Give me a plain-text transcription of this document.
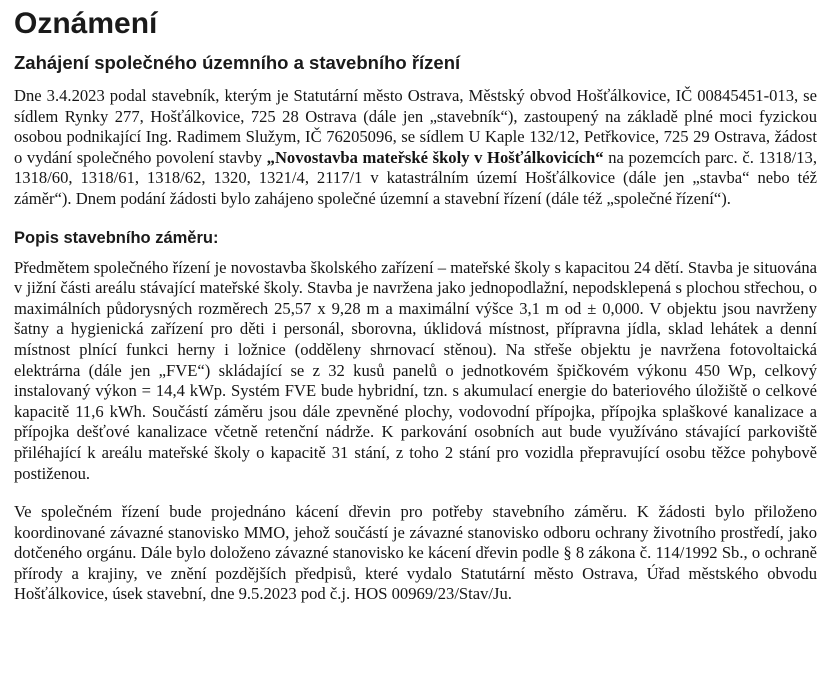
Oznámení
Zahájení společného územního a stavebního řízení

Dne 3.4.2023 podal stavebník, kterým je Statutární město Ostrava, Městský obvod Hošťálkovice, IČ 00845451-013, se sídlem Rynky 277, Hošťálkovice, 725 28 Ostrava (dále jen „stavebník“), zastoupený na základě plné moci fyzickou osobou podnikající Ing. Radimem Služym, IČ 76205096, se sídlem U Kaple 132/12, Petřkovice, 725 29 Ostrava, žádost o vydání společného povolení stavby „Novostavba mateřské školy v Hošťálkovicích“ na pozemcích parc. č. 1318/13, 1318/60, 1318/61, 1318/62, 1320, 1321/4, 2117/1 v katastrálním území Hošťálkovice (dále jen „stavba“ nebo též záměr“). Dnem podání žádosti bylo zahájeno společné územní a stavební řízení (dále též „společné řízení“).

Popis stavebního záměru:

Předmětem společného řízení je novostavba školského zařízení – mateřské školy s kapacitou 24 dětí. Stavba je situována v jižní části areálu stávající mateřské školy. Stavba je navržena jako jednopodlažní, nepodsklepená s plochou střechou, o maximálních půdorysných rozměrech 25,57 x 9,28 m a maximální výšce 3,1 m od ± 0,000. V objektu jsou navrženy šatny a hygienická zařízení pro děti i personál, sborovna, úklidová místnost, přípravna jídla, sklad lehátek a denní místnost plnící funkci herny i ložnice (odděleny shrnovací stěnou). Na střeše objektu je navržena fotovoltaická elektrárna (dále jen „FVE“) skládající se z 32 kusů panelů o jednotkovém špičkovém výkonu 450 Wp, celkový instalovaný výkon = 14,4 kWp. Systém FVE bude hybridní, tzn. s akumulací energie do bateriového úložiště o celkové kapacitě 11,6 kWh. Součástí záměru jsou dále zpevněné plochy, vodovodní přípojka, přípojka splaškové kanalizace a přípojka dešťové kanalizace včetně retenční nádrže. K parkování osobních aut bude využíváno stávající parkoviště přiléhající k areálu mateřské školy o kapacitě 31 stání, z toho 2 stání pro vozidla přepravující osobu těžce pohybově postiženou.

Ve společném řízení bude projednáno kácení dřevin pro potřeby stavebního záměru. K žádosti bylo přiloženo koordinované závazné stanovisko MMO, jehož součástí je závazné stanovisko odboru ochrany životního prostředí, jako dotčeného orgánu. Dále bylo doloženo závazné stanovisko ke kácení dřevin podle § 8 zákona č. 114/1992 Sb., o ochraně přírody a krajiny, ve znění pozdějších předpisů, které vydalo Statutární město Ostrava, Úřad městského obvodu Hošťálkovice, úsek stavební, dne 9.5.2023 pod č.j. HOS 00969/23/Stav/Ju.
